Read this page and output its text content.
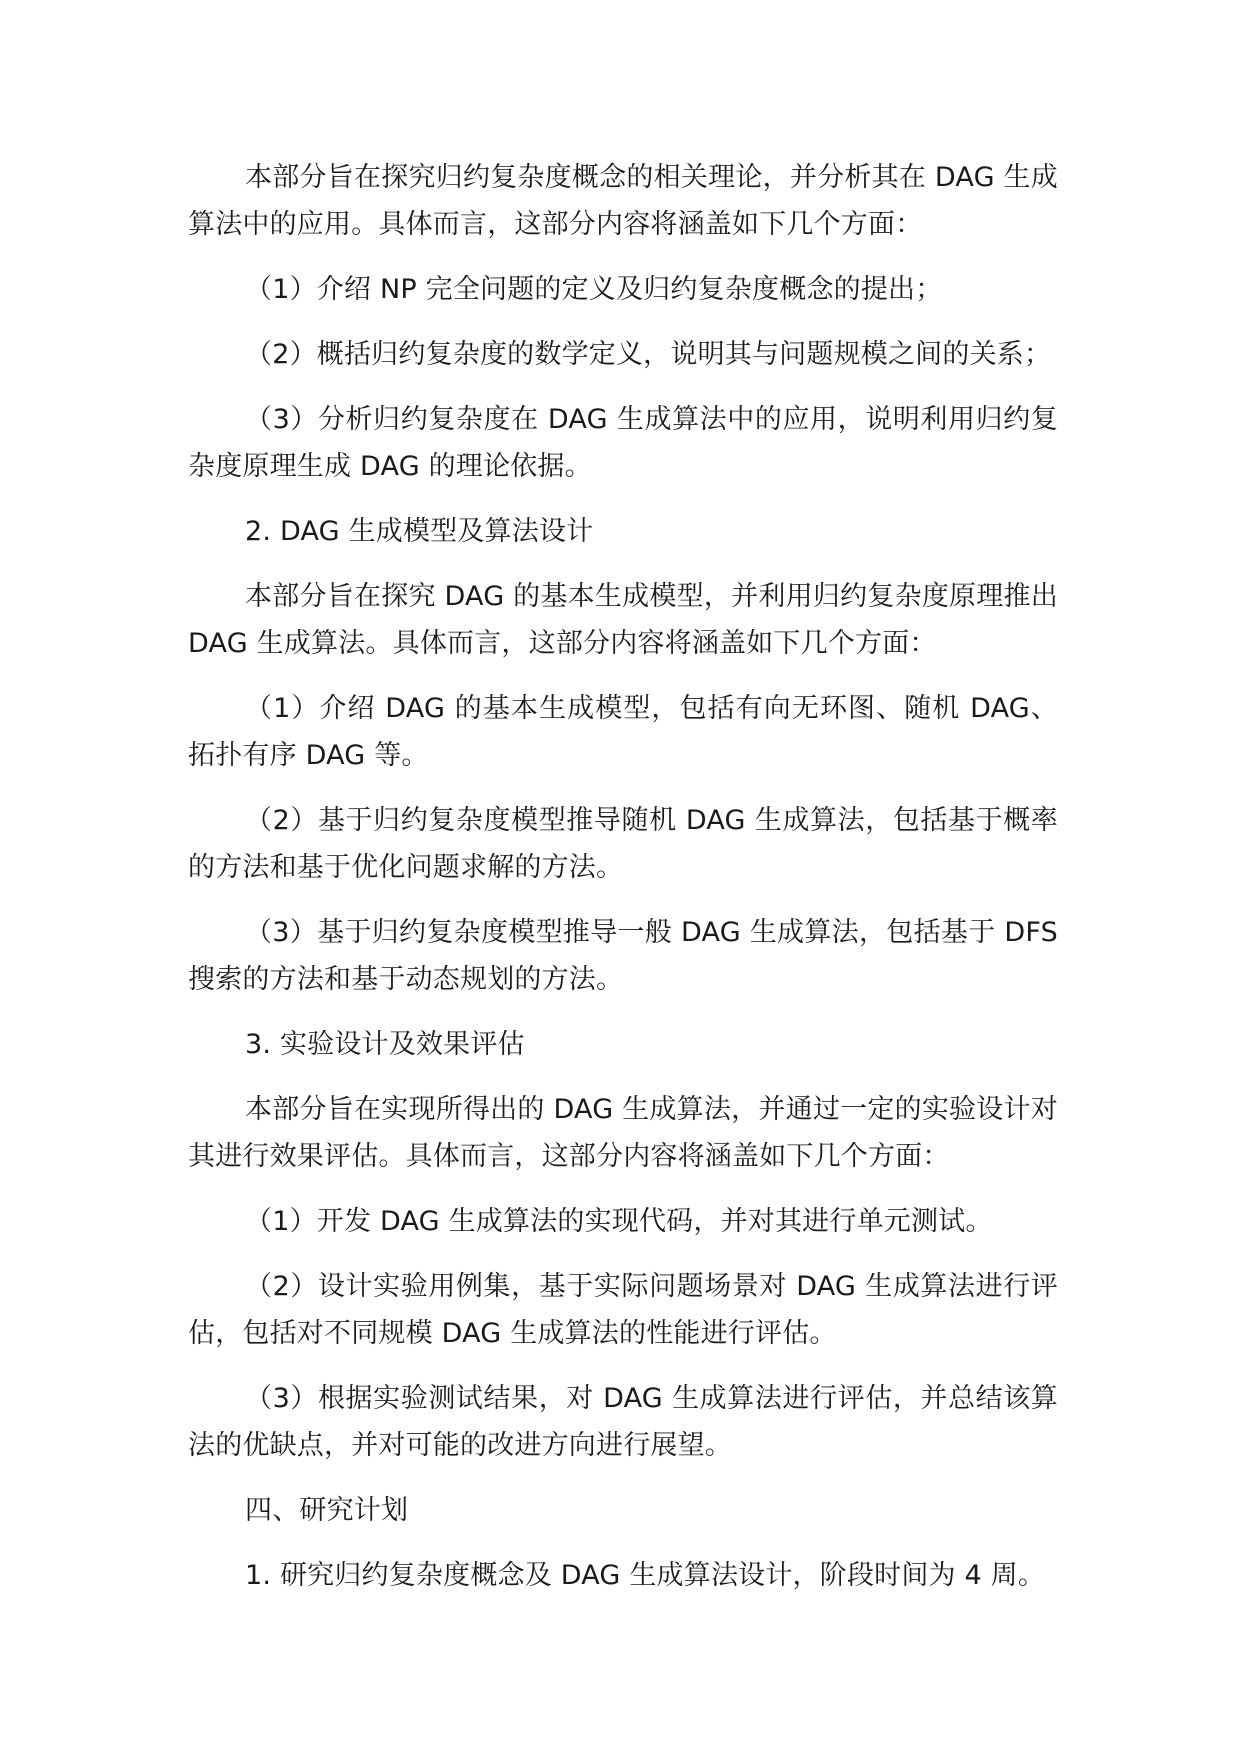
本部分旨在探究归约复杂度概念的相关理论，并分析其在 DAG 生成算法中的应用。具体而言，这部分内容将涵盖如下几个方面：

（1）介绍 NP 完全问题的定义及归约复杂度概念的提出；

（2）概括归约复杂度的数学定义，说明其与问题规模之间的关系；

（3）分析归约复杂度在 DAG 生成算法中的应用，说明利用归约复杂度原理生成 DAG 的理论依据。

2. DAG 生成模型及算法设计

本部分旨在探究 DAG 的基本生成模型，并利用归约复杂度原理推出 DAG 生成算法。具体而言，这部分内容将涵盖如下几个方面：

（1）介绍 DAG 的基本生成模型，包括有向无环图、随机 DAG、拓扑有序 DAG 等。

（2）基于归约复杂度模型推导随机 DAG 生成算法，包括基于概率的方法和基于优化问题求解的方法。

（3）基于归约复杂度模型推导一般 DAG 生成算法，包括基于 DFS 搜索的方法和基于动态规划的方法。

3. 实验设计及效果评估

本部分旨在实现所得出的 DAG 生成算法，并通过一定的实验设计对其进行效果评估。具体而言，这部分内容将涵盖如下几个方面：

（1）开发 DAG 生成算法的实现代码，并对其进行单元测试。

（2）设计实验用例集，基于实际问题场景对 DAG 生成算法进行评估，包括对不同规模 DAG 生成算法的性能进行评估。

（3）根据实验测试结果，对 DAG 生成算法进行评估，并总结该算法的优缺点，并对可能的改进方向进行展望。

四、研究计划

1. 研究归约复杂度概念及 DAG 生成算法设计，阶段时间为 4 周。
